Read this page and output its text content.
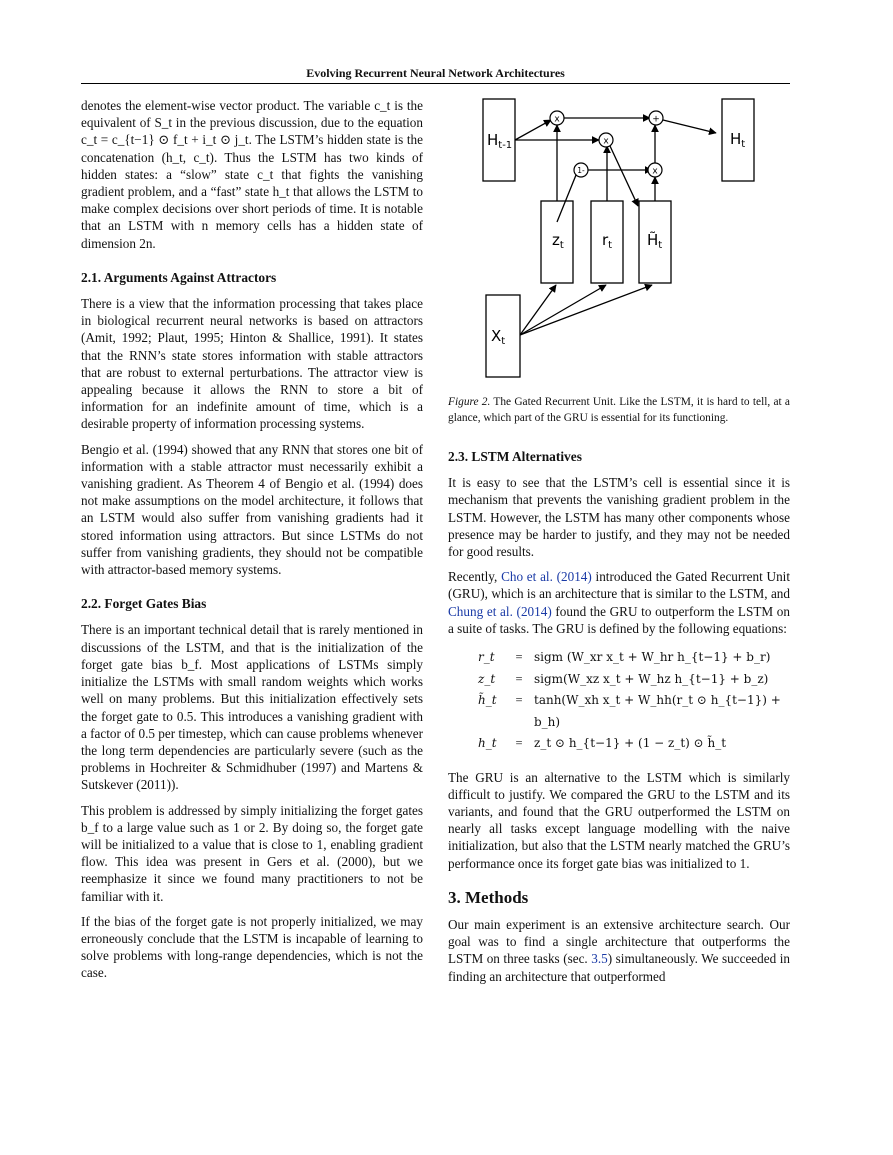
Evolving Recurrent Neural Network Architectures

denotes the element-wise vector product. The variable c_t is the equivalent of S_t in the previous discussion, due to the equation c_t = c_{t−1} ⊙ f_t + i_t ⊙ j_t. The LSTM’s hidden state is the concatenation (h_t, c_t). Thus the LSTM has two kinds of hidden states: a “slow” state c_t that fights the vanishing gradient problem, and a “fast” state h_t that allows the LSTM to make complex decisions over short periods of time. It is notable that an LSTM with n memory cells has a hidden state of dimension 2n.

2.1. Arguments Against Attractors

There is a view that the information processing that takes place in biological recurrent neural networks is based on attractors (Amit, 1992; Plaut, 1995; Hinton & Shallice, 1991). It states that the RNN’s state stores information with stable attractors that are robust to external perturbations. The attractor view is appealing because it allows the RNN to store a bit of information for an indefinite amount of time, which is a desirable property of information processing systems.

Bengio et al. (1994) showed that any RNN that stores one bit of information with a stable attractor must necessarily exhibit a vanishing gradient. As Theorem 4 of Bengio et al. (1994) does not make assumptions on the model architecture, it follows that an LSTM would also suffer from vanishing gradients had it stored information using attractors. But since LSTMs do not suffer from vanishing gradients, they should not be compatible with attractor-based memory systems.

2.2. Forget Gates Bias

There is an important technical detail that is rarely mentioned in discussions of the LSTM, and that is the initialization of the forget gate bias b_f. Most applications of LSTMs simply initialize the LSTMs with small random weights which works well on many problems. But this initialization effectively sets the forget gate to 0.5. This introduces a vanishing gradient with a factor of 0.5 per timestep, which can cause problems whenever the long term dependencies are particularly severe (such as the problems in Hochreiter & Schmidhuber (1997) and Martens & Sutskever (2011)).

This problem is addressed by simply initializing the forget gates b_f to a large value such as 1 or 2. By doing so, the forget gate will be initialized to a value that is close to 1, enabling gradient flow. This idea was present in Gers et al. (2000), but we reemphasize it since we found many practitioners to not be familiar with it.

If the bias of the forget gate is not properly initialized, we may erroneously conclude that the LSTM is incapable of learning to solve problems with long-range dependencies, which is not the case.

x
x
+
1-	x
$H_{t-1}$	$H_t$
$z_t$	$r_t$ $H̃_t$
$X_t$

Figure 2. The Gated Recurrent Unit. Like the LSTM, it is hard to tell, at a glance, which part of the GRU is essential for its functioning.

2.3. LSTM Alternatives

It is easy to see that the LSTM’s cell is essential since it is mechanism that prevents the vanishing gradient problem in the LSTM. However, the LSTM has many other components whose presence may be harder to justify, and they may not be needed for good results.

Recently, Cho et al. (2014) introduced the Gated Recurrent Unit (GRU), which is an architecture that is similar to the LSTM, and Chung et al. (2014) found the GRU to outperform the LSTM on a suite of tasks. The GRU is defined by the following equations:

r_t	= sigm (W_xr x_t + W_hr h_{t−1} + b_r)
z_t	= sigm(W_xz x_t + W_hz h_{t−1} + b_z)
h̃_t	= tanh(W_xh x_t + W_hh(r_t ⊙ h_{t−1}) + b_h)
h_t	= z_t ⊙ h_{t−1} + (1 − z_t) ⊙ h̃_t

The GRU is an alternative to the LSTM which is similarly difficult to justify. We compared the GRU to the LSTM and its variants, and found that the GRU outperformed the LSTM on nearly all tasks except language modelling with the naive initialization, but also that the LSTM nearly matched the GRU’s performance once its forget gate bias was initialized to 1.

3. Methods

Our main experiment is an extensive architecture search. Our goal was to find a single architecture that outperforms the LSTM on three tasks (sec. 3.5) simultaneously. We succeeded in finding an architecture that outperformed
